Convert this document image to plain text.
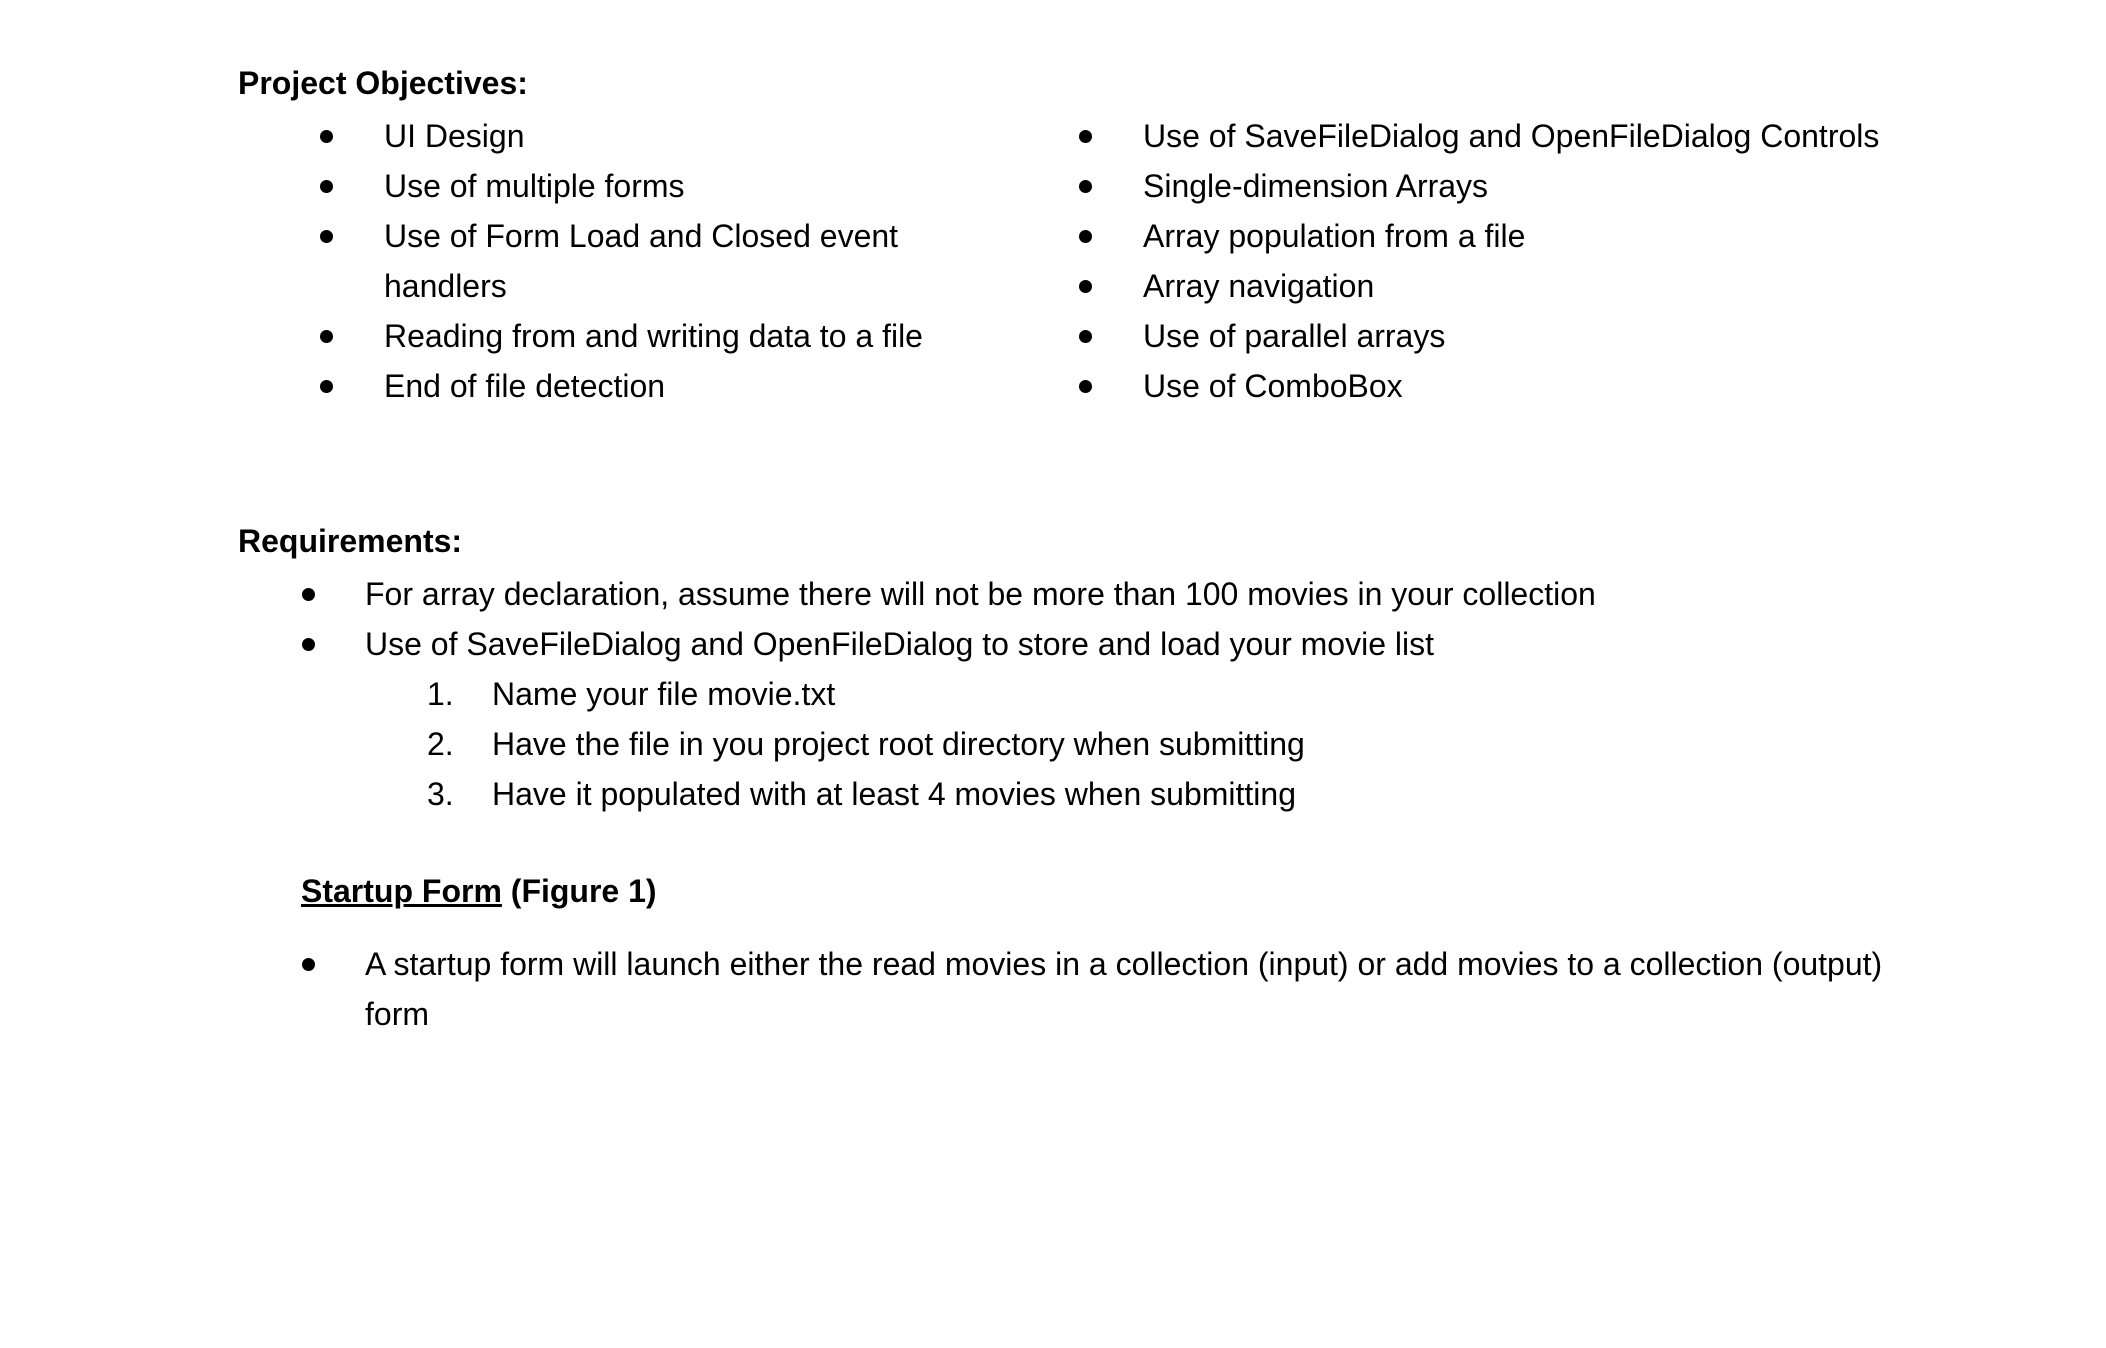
Project Objectives:
UI Design
Use of multiple forms
Use of Form Load and Closed event handlers
Reading from and writing data to a file
End of file detection
Use of SaveFileDialog and OpenFileDialog Controls
Single-dimension Arrays
Array population from a file
Array navigation
Use of parallel arrays
Use of ComboBox
Requirements:
For array declaration, assume there will not be more than 100 movies in your collection
Use of SaveFileDialog and OpenFileDialog to store and load your movie list
1. Name your file movie.txt
2. Have the file in you project root directory when submitting
3. Have it populated with at least 4 movies when submitting
Startup Form (Figure 1)
A startup form will launch either the read movies in a collection (input) or add movies to a collection (output) form
